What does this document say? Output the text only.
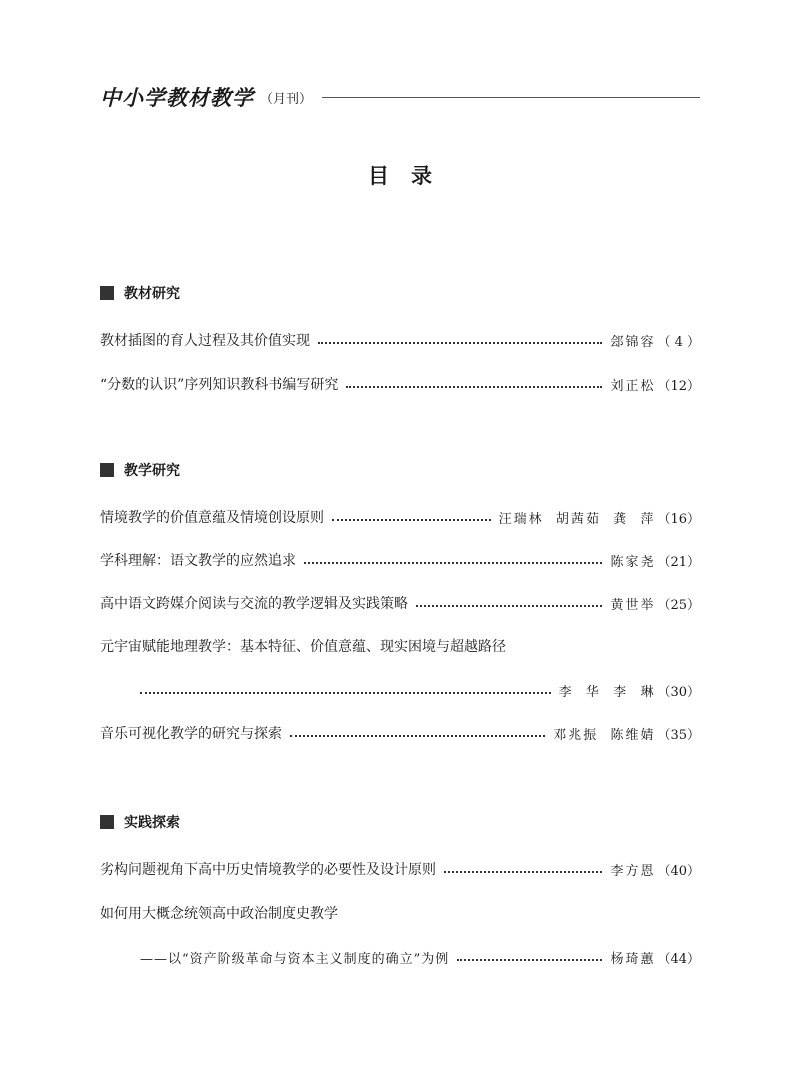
中小学教材教学 （月刊）
目录
教材研究
教材插图的育人过程及其价值实现	郐锦容 （ 4 ）
“分数的认识”序列知识教科书编写研究	刘正松 （12）
教学研究
情境教学的价值意蕴及情境创设原则	汪瑞林  胡茜茹  龚  萍 （16）
学科理解：语文教学的应然追求	陈家尧 （21）
高中语文跨媒介阅读与交流的教学逻辑及实践策略	黄世举 （25）
元宇宙赋能地理教学：基本特征、价值意蕴、现实困境与超越路径
李  华  李  琳 （30）
音乐可视化教学的研究与探索	邓兆振  陈维婧 （35）
实践探索
劣构问题视角下高中历史情境教学的必要性及设计原则	李方恩 （40）
如何用大概念统领高中政治制度史教学
——以“资产阶级革命与资本主义制度的确立”为例	杨琦蕙 （44）
